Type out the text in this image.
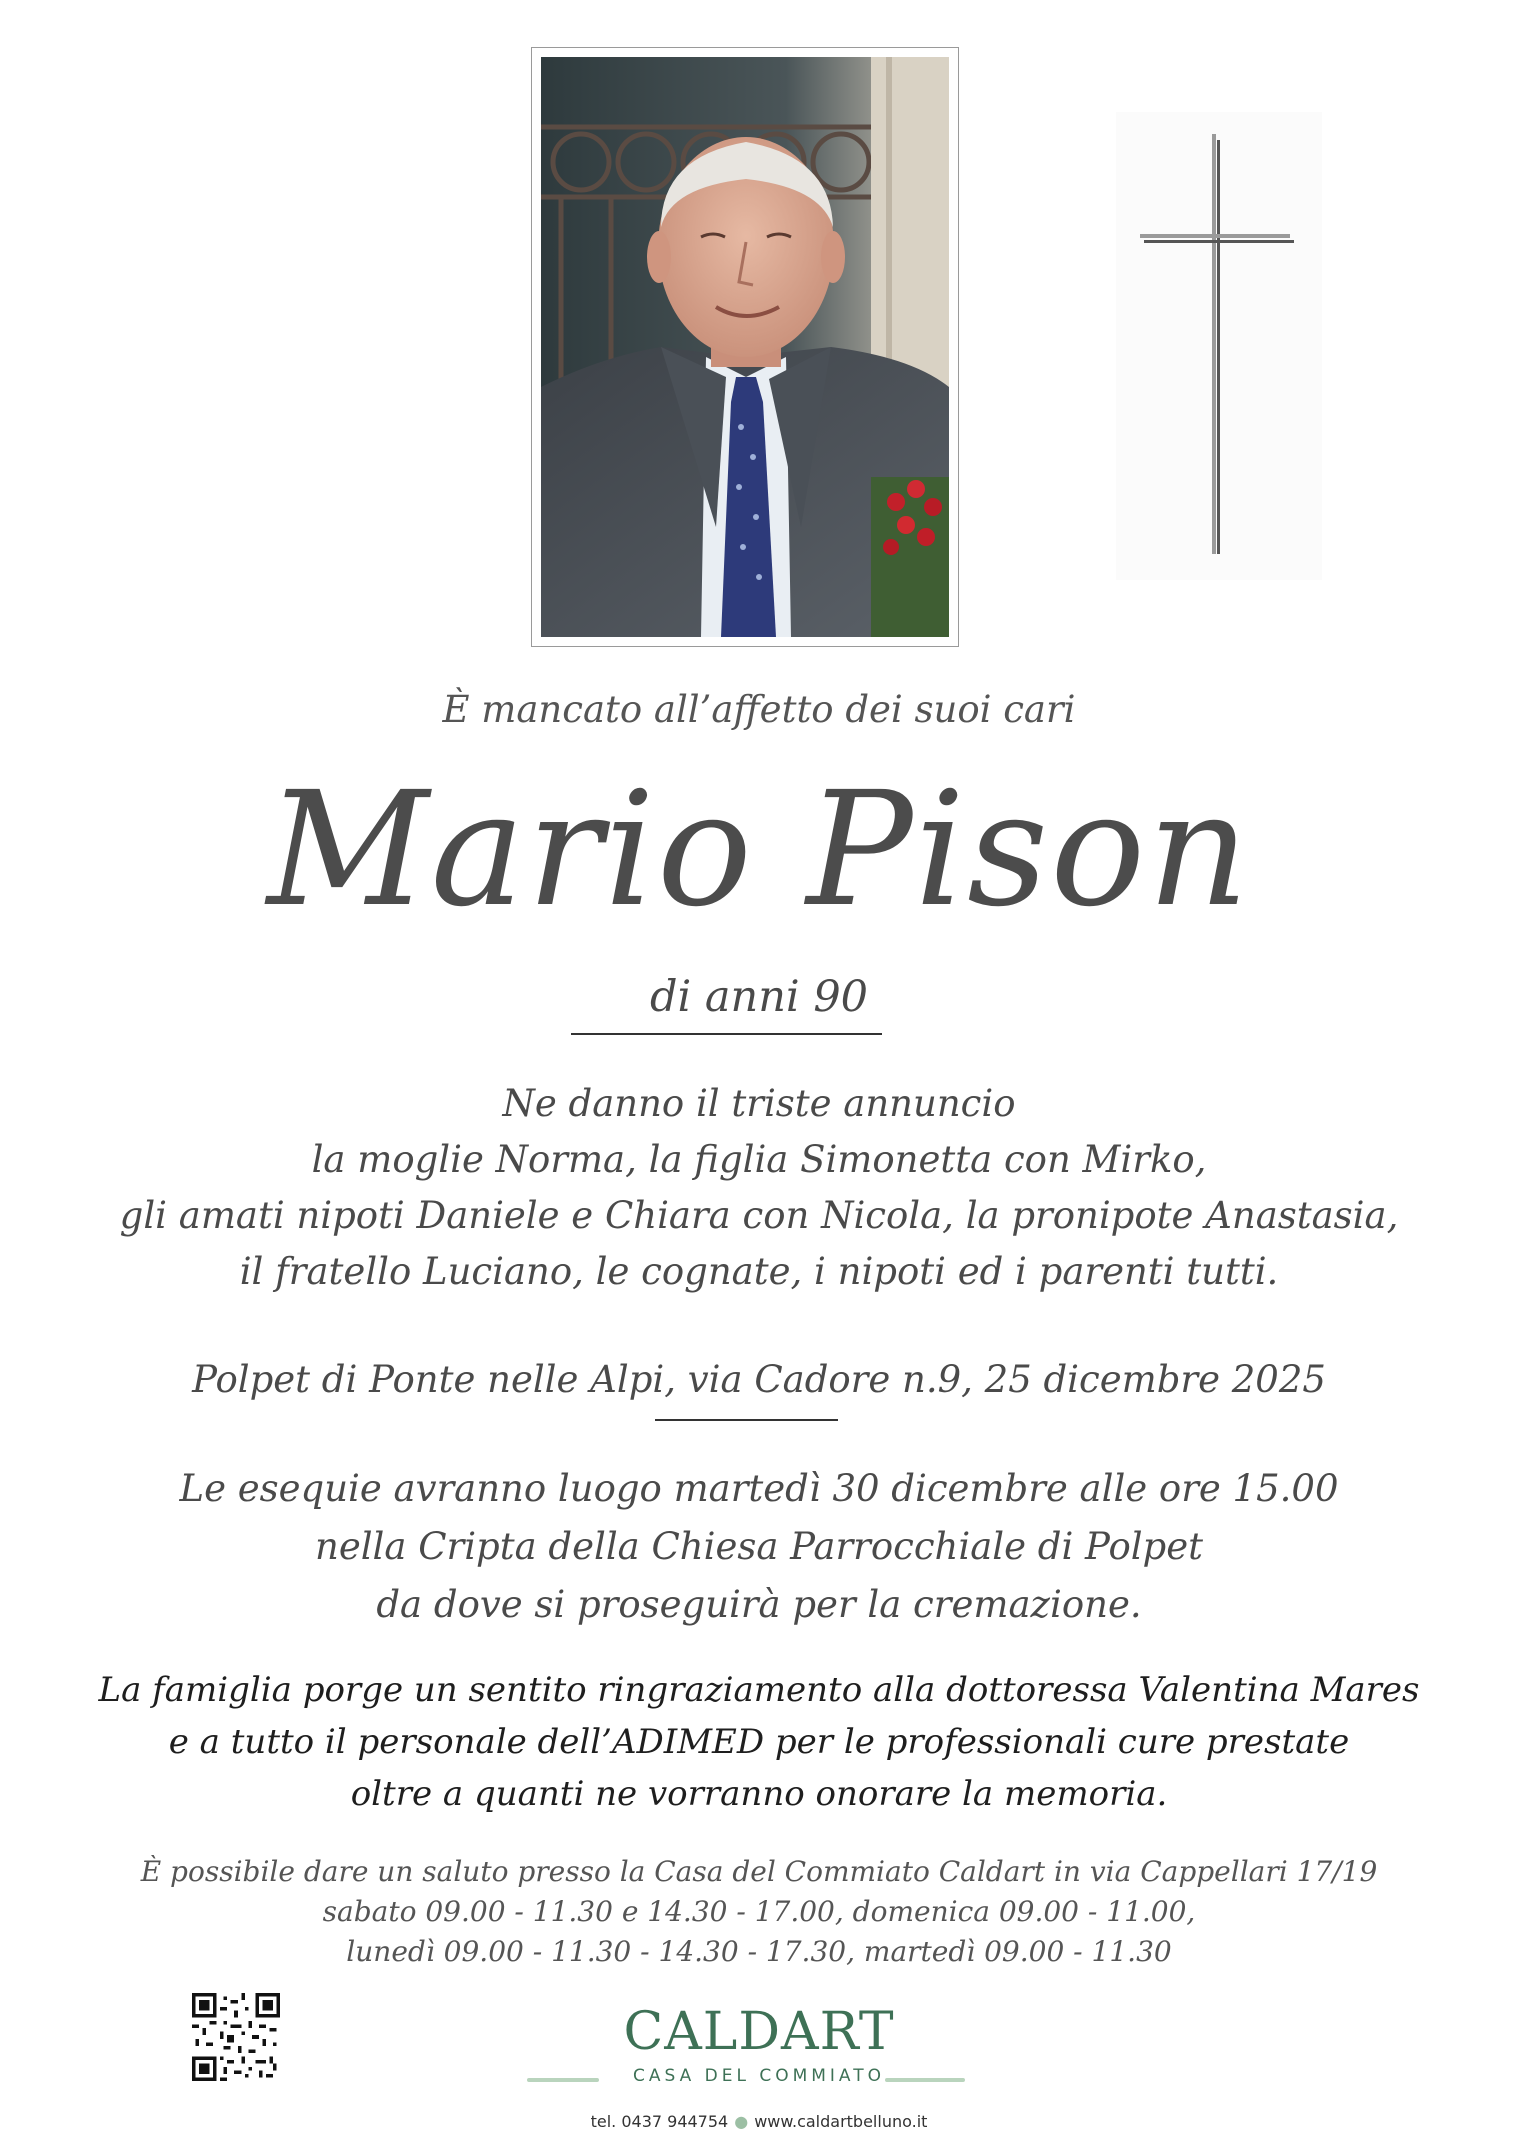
È mancato all’affetto dei suoi cari
Mario Pison
di anni 90
Ne danno il triste annuncio
la moglie Norma, la figlia Simonetta con Mirko,
gli amati nipoti Daniele e Chiara con Nicola, la pronipote Anastasia,
il fratello Luciano, le cognate, i nipoti ed i parenti tutti.
Polpet di Ponte nelle Alpi, via Cadore n.9, 25 dicembre 2025
Le esequie avranno luogo martedì 30 dicembre alle ore 15.00
nella Cripta della Chiesa Parrocchiale di Polpet
da dove si proseguirà per la cremazione.
La famiglia porge un sentito ringraziamento alla dottoressa Valentina Mares
e a tutto il personale dell’ADIMED per le professionali cure prestate
oltre a quanti ne vorranno onorare la memoria.
È possibile dare un saluto presso la Casa del Commiato Caldart in via Cappellari 17/19
sabato 09.00 - 11.30 e 14.30 - 17.00, domenica 09.00 - 11.00,
lunedì 09.00 - 11.30 - 14.30 - 17.30, martedì 09.00 - 11.30
CALDART
CASA DEL COMMIATO
tel. 0437 944754 ● www.caldartbelluno.it
